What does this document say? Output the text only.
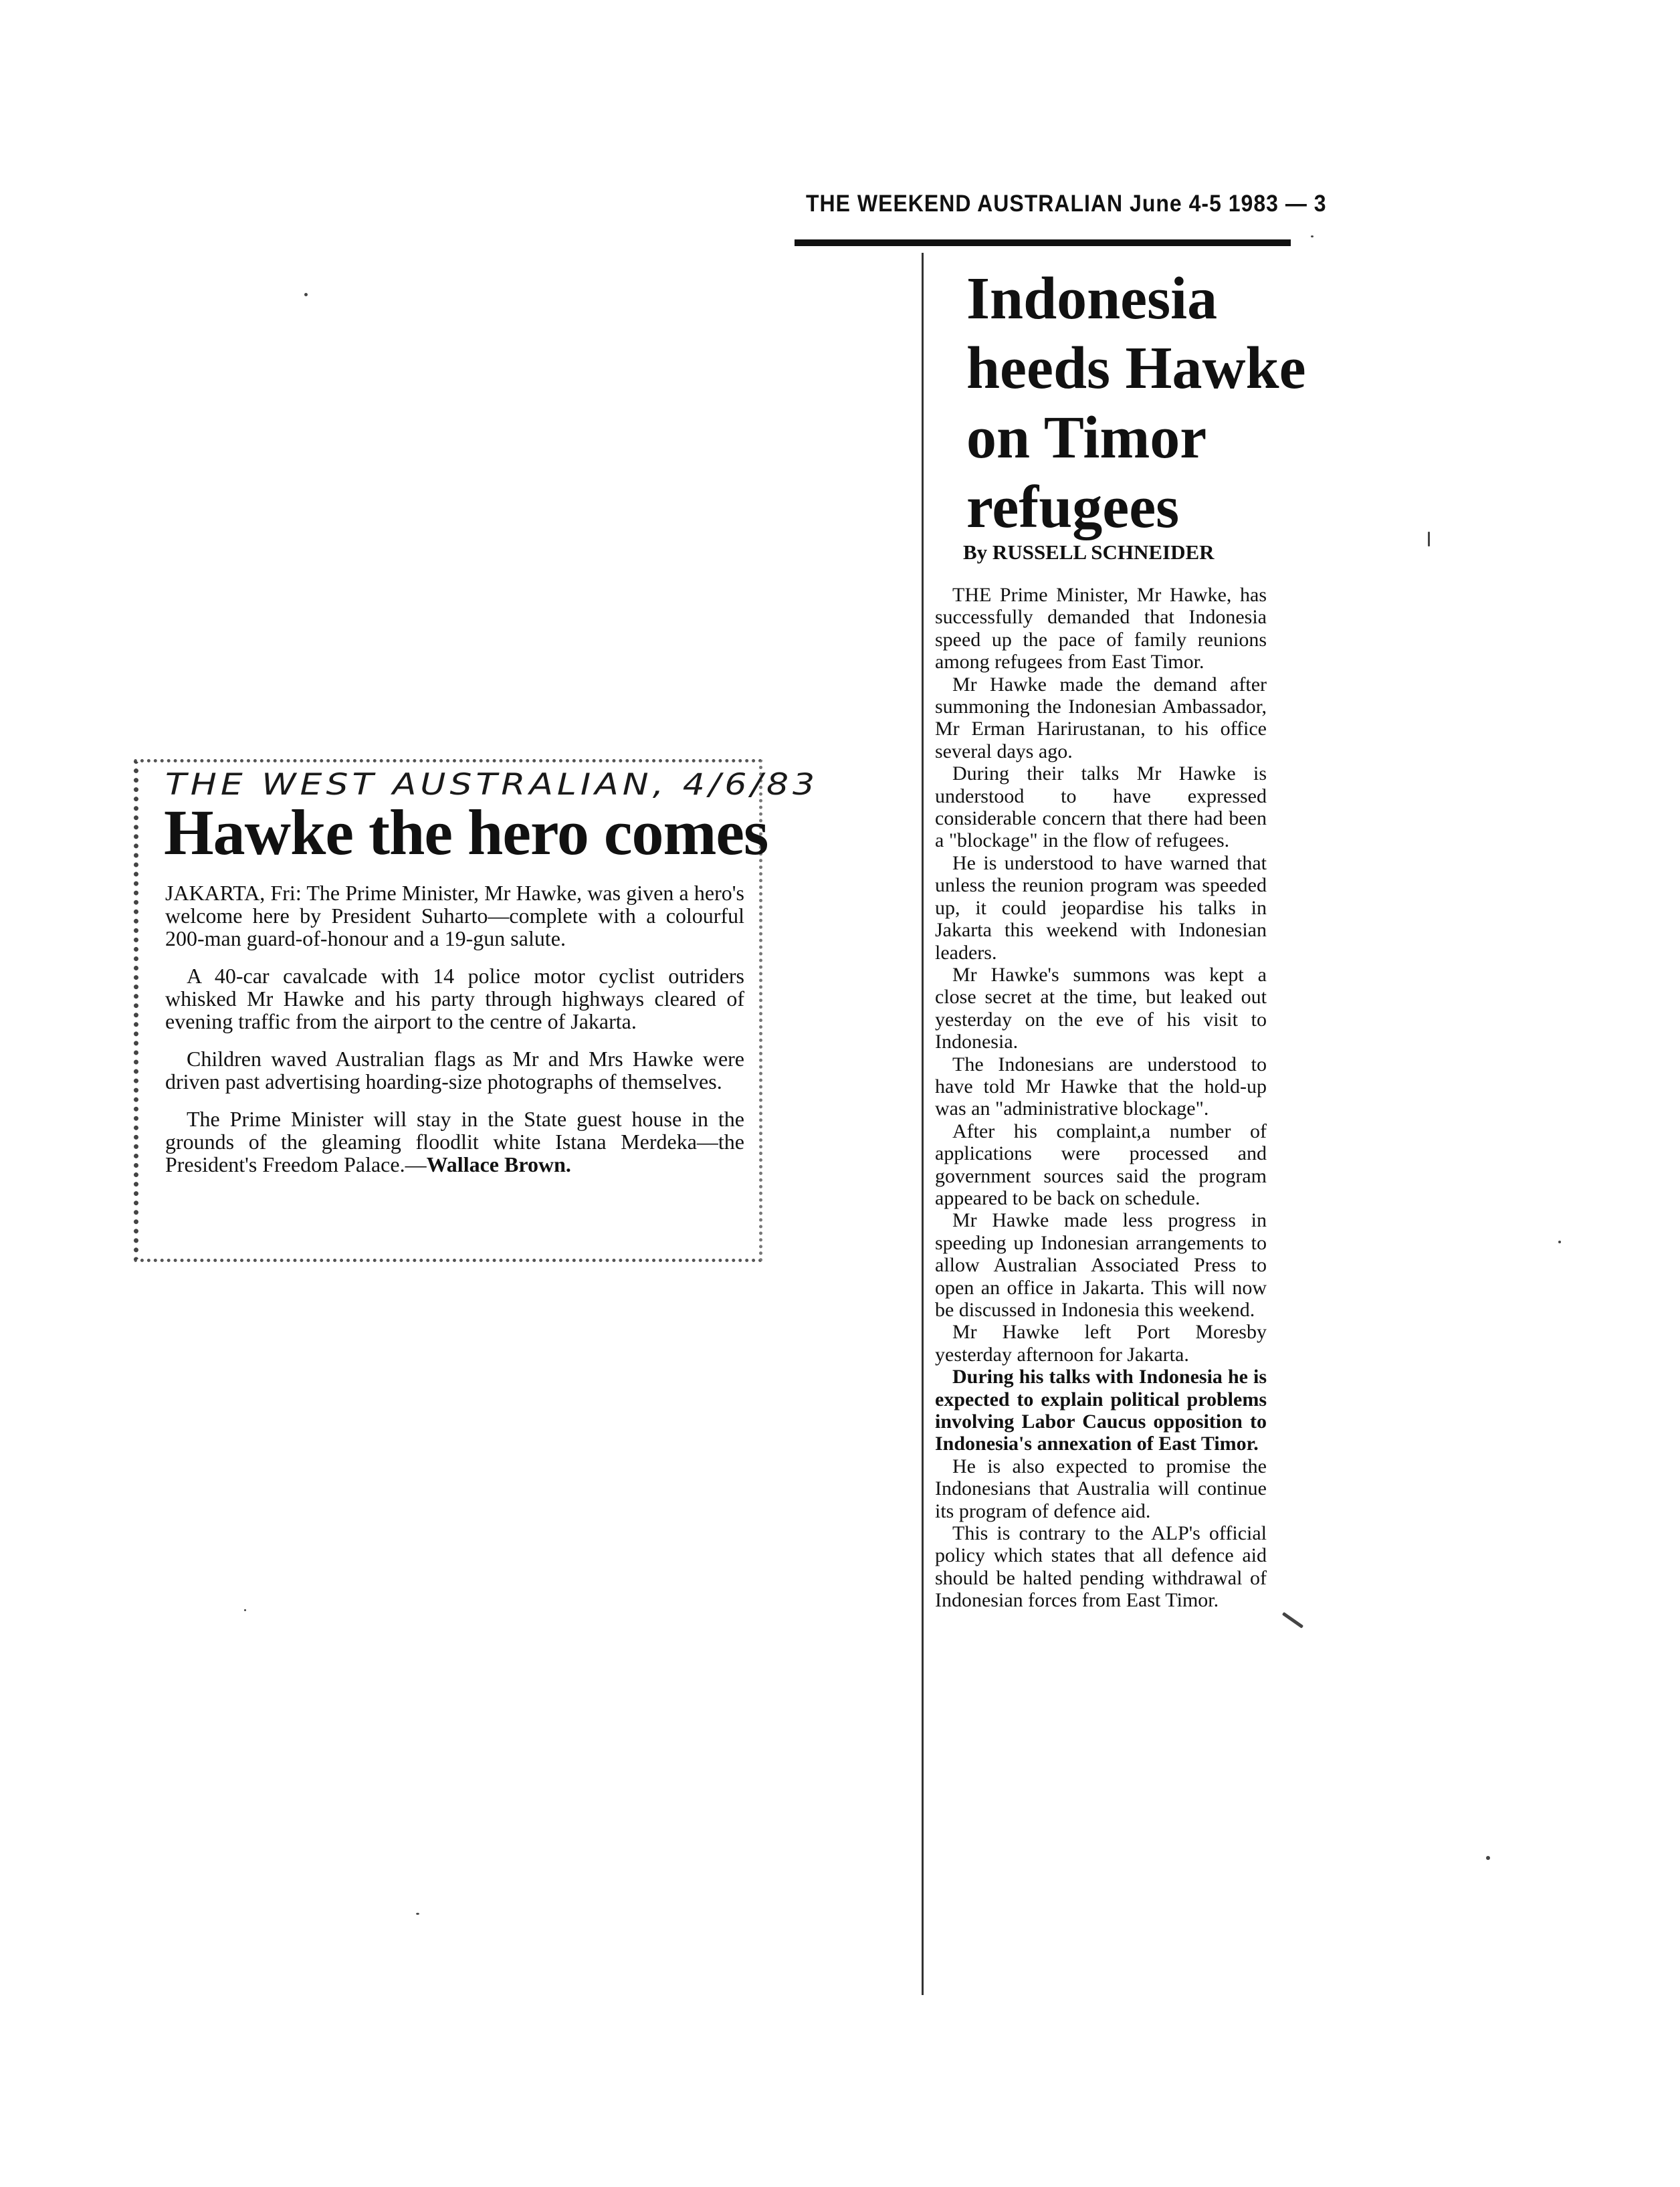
THE WEST AUSTRALIAN, 4/6/83
Hawke the hero comes

JAKARTA, Fri: The Prime Minister, Mr Hawke, was given a hero's welcome here by President Suharto—complete with a colourful 200-man guard-of-honour and a 19-gun salute.

A 40-car cavalcade with 14 police motor cyclist outriders whisked Mr Hawke and his party through highways cleared of evening traffic from the airport to the centre of Jakarta.

Children waved Australian flags as Mr and Mrs Hawke were driven past advertising hoarding-size photographs of themselves.

The Prime Minister will stay in the State guest house in the grounds of the gleaming floodlit white Istana Merdeka—the President's Freedom Palace.—Wallace Brown.

THE WEEKEND AUSTRALIAN June 4-5 1983 — 3
Indonesia heeds Hawke on Timor refugees
By RUSSELL SCHNEIDER

THE Prime Minister, Mr Hawke, has successfully demanded that Indonesia speed up the pace of family reunions among refugees from East Timor.

Mr Hawke made the demand after summoning the Indonesian Ambassador, Mr Erman Harirustanan, to his office several days ago.

During their talks Mr Hawke is understood to have expressed considerable concern that there had been a "blockage" in the flow of refugees.

He is understood to have warned that unless the reunion program was speeded up, it could jeopardise his talks in Jakarta this weekend with Indonesian leaders.

Mr Hawke's summons was kept a close secret at the time, but leaked out yesterday on the eve of his visit to Indonesia.

The Indonesians are understood to have told Mr Hawke that the hold-up was an "administrative blockage".

After his complaint,a number of applications were processed and government sources said the program appeared to be back on schedule.

Mr Hawke made less progress in speeding up Indonesian arrangements to allow Australian Associated Press to open an office in Jakarta. This will now be discussed in Indonesia this weekend.

Mr Hawke left Port Moresby yesterday afternoon for Jakarta.

During his talks with Indonesia he is expected to explain political problems involving Labor Caucus opposition to Indonesia's annexation of East Timor.

He is also expected to promise the Indonesians that Australia will continue its program of defence aid.

This is contrary to the ALP's official policy which states that all defence aid should be halted pending withdrawal of Indonesian forces from East Timor.
